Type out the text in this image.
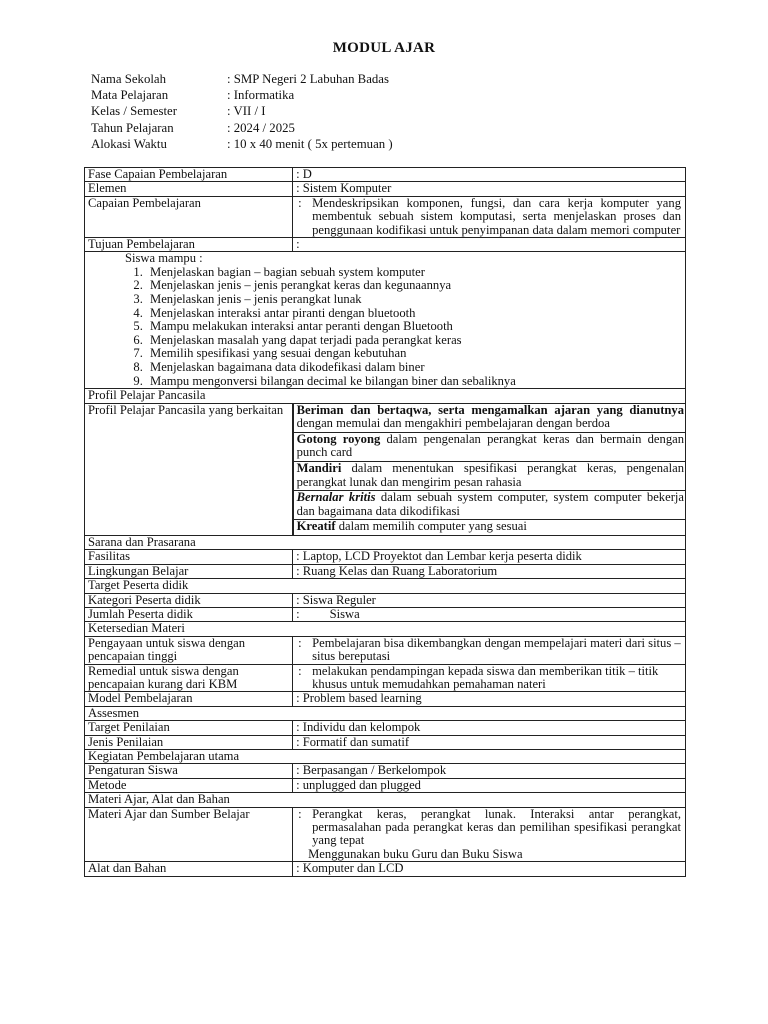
MODUL AJAR
Nama Sekolah	: SMP Negeri 2 Labuhan Badas
Mata Pelajaran	: Informatika
Kelas / Semester	: VII / I
Tahun Pelajaran	: 2024 / 2025
Alokasi Waktu	: 10 x 40 menit ( 5x pertemuan )
Fase Capaian Pembelajaran	: D
Elemen	: Sistem Komputer
Capaian Pembelajaran	: Mendeskripsikan komponen, fungsi, dan cara kerja komputer yang membentuk sebuah sistem komputasi, serta menjelaskan proses dan penggunaan kodifikasi untuk penyimpanan data dalam memori computer

Tujuan Pembelajaran	:

Siswa mampu :
1. Menjelaskan bagian – bagian sebuah system komputer
2. Menjelaskan jenis – jenis perangkat keras dan kegunaannya
3. Menjelaskan jenis – jenis perangkat lunak
4. Menjelaskan interaksi antar piranti dengan bluetooth
5. Mampu melakukan interaksi antar peranti dengan Bluetooth
6. Menjelaskan masalah yang dapat terjadi pada perangkat keras
7. Memilih spesifikasi yang sesuai dengan kebutuhan
8. Menjelaskan bagaimana data dikodefikasi dalam biner
9. Mampu mengonversi bilangan decimal ke bilangan biner dan sebaliknya

Profil Pelajar Pancasila
Profil Pelajar Pancasila yang berkaitan	Beriman dan bertaqwa, serta mengamalkan ajaran yang dianutnya dengan memulai dan mengakhiri pembelajaran dengan berdoa
Gotong royong dalam pengenalan perangkat keras dan bermain dengan punch card
Mandiri dalam menentukan spesifikasi perangkat keras, pengenalan perangkat lunak dan mengirim pesan rahasia
Bernalar kritis dalam sebuah system computer, system computer bekerja dan bagaimana data dikodifikasi
Kreatif dalam memilih computer yang sesuai

Sarana dan Prasarana
Fasilitas	: Laptop, LCD Proyektot dan Lembar kerja peserta didik
Lingkungan Belajar	: Ruang Kelas dan Ruang Laboratorium
Target Peserta didik
Kategori Peserta didik	: Siswa Reguler
Jumlah Peserta didik	: Siswa
Ketersedian Materi
Pengayaan untuk siswa dengan pencapaian tinggi	
: Pembelajaran bisa dikembangkan dengan mempelajari materi dari situs – situs bereputasi

Remedial untuk siswa dengan pencapaian kurang dari KBM	
: melakukan pendampingan kepada siswa dan memberikan titik – titik khusus untuk memudahkan pemahaman nateri

Model Pembelajaran	: Problem based learning
Assesmen
Target Penilaian	: Individu dan kelompok
Jenis Penilaian	: Formatif dan sumatif
Kegiatan Pembelajaran utama
Pengaturan Siswa	: Berpasangan / Berkelompok
Metode	: unplugged dan plugged
Materi Ajar, Alat dan Bahan
Materi Ajar dan Sumber Belajar	: Perangkat keras, perangkat lunak. Interaksi antar perangkat, permasalahan pada perangkat keras dan pemilihan spesifikasi perangkat yang tepat
Menggunakan buku Guru dan Buku Siswa

Alat dan Bahan	: Komputer dan LCD
